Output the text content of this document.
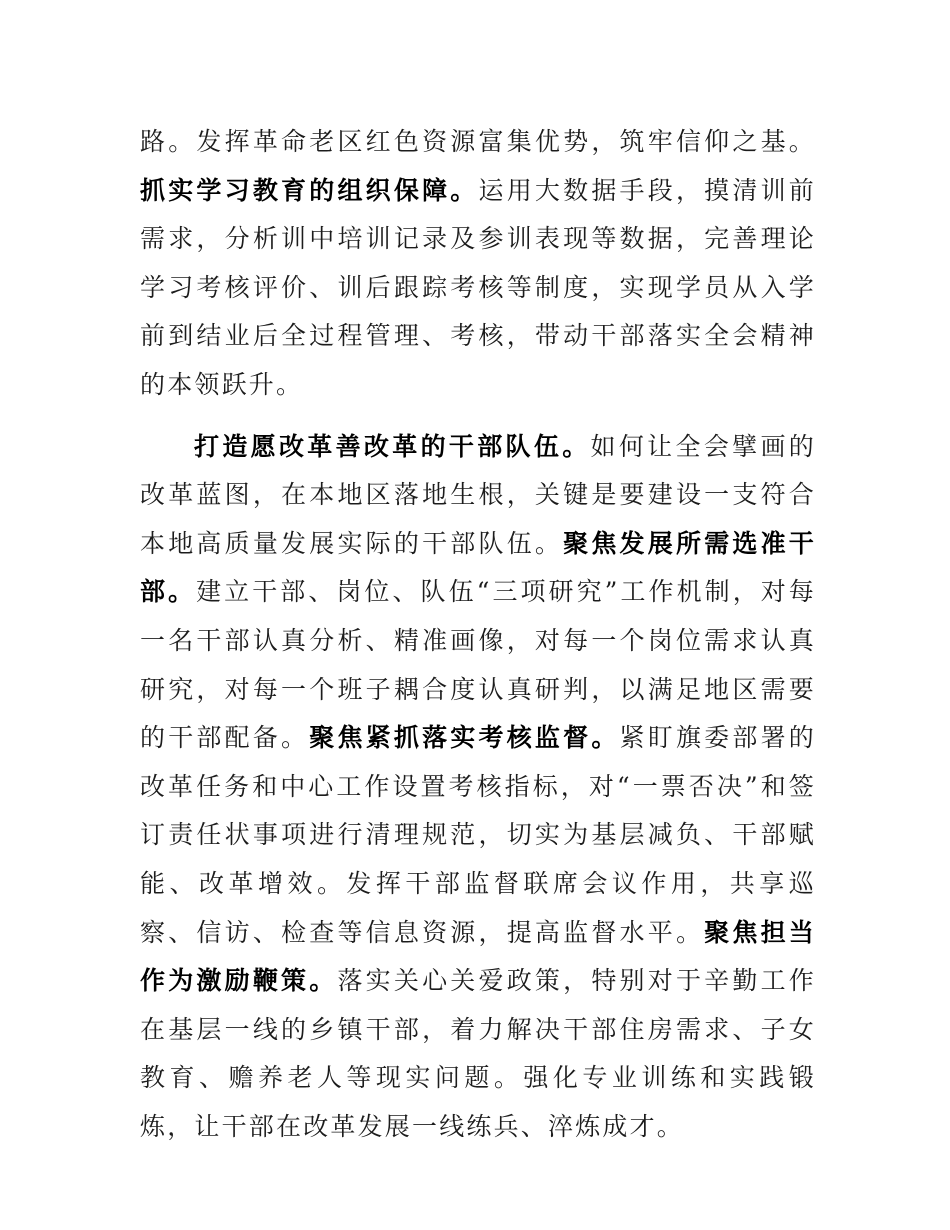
路。发挥革命老区红色资源富集优势，筑牢信仰之基。抓实学习教育的组织保障。运用大数据手段，摸清训前需求，分析训中培训记录及参训表现等数据，完善理论学习考核评价、训后跟踪考核等制度，实现学员从入学前到结业后全过程管理、考核，带动干部落实全会精神的本领跃升。

打造愿改革善改革的干部队伍。如何让全会擘画的改革蓝图，在本地区落地生根，关键是要建设一支符合本地高质量发展实际的干部队伍。聚焦发展所需选准干部。建立干部、岗位、队伍“三项研究”工作机制，对每一名干部认真分析、精准画像，对每一个岗位需求认真研究，对每一个班子耦合度认真研判，以满足地区需要的干部配备。聚焦紧抓落实考核监督。紧盯旗委部署的改革任务和中心工作设置考核指标，对“一票否决”和签订责任状事项进行清理规范，切实为基层减负、干部赋能、改革增效。发挥干部监督联席会议作用，共享巡察、信访、检查等信息资源，提高监督水平。聚焦担当作为激励鞭策。落实关心关爱政策，特别对于辛勤工作在基层一线的乡镇干部，着力解决干部住房需求、子女教育、赡养老人等现实问题。强化专业训练和实践锻炼，让干部在改革发展一线练兵、淬炼成才。
